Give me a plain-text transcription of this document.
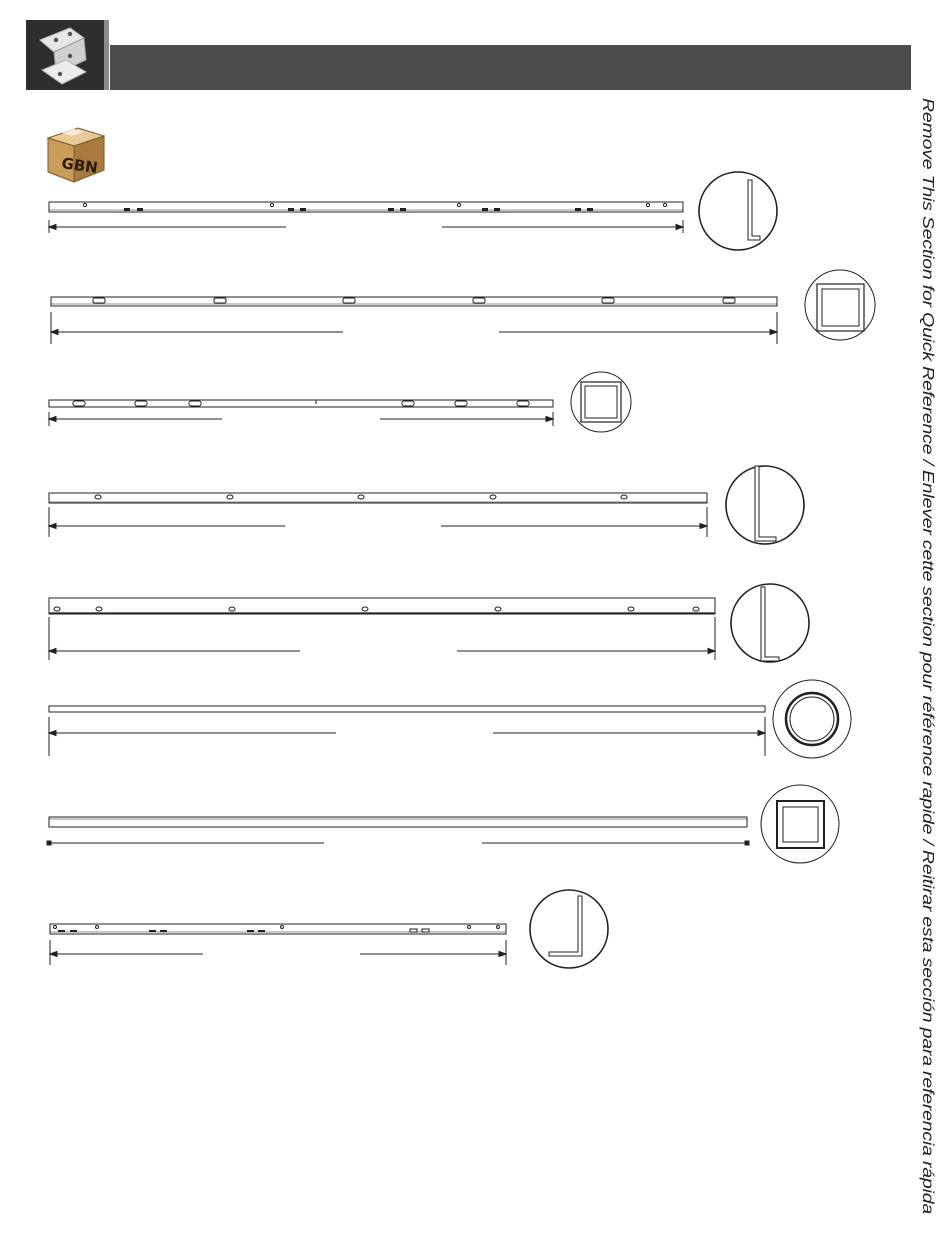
GBN	Remove This Section for Quick Reference / Enlever cette section pour référence rapide / Reitirar esta sección para referencia rápida
